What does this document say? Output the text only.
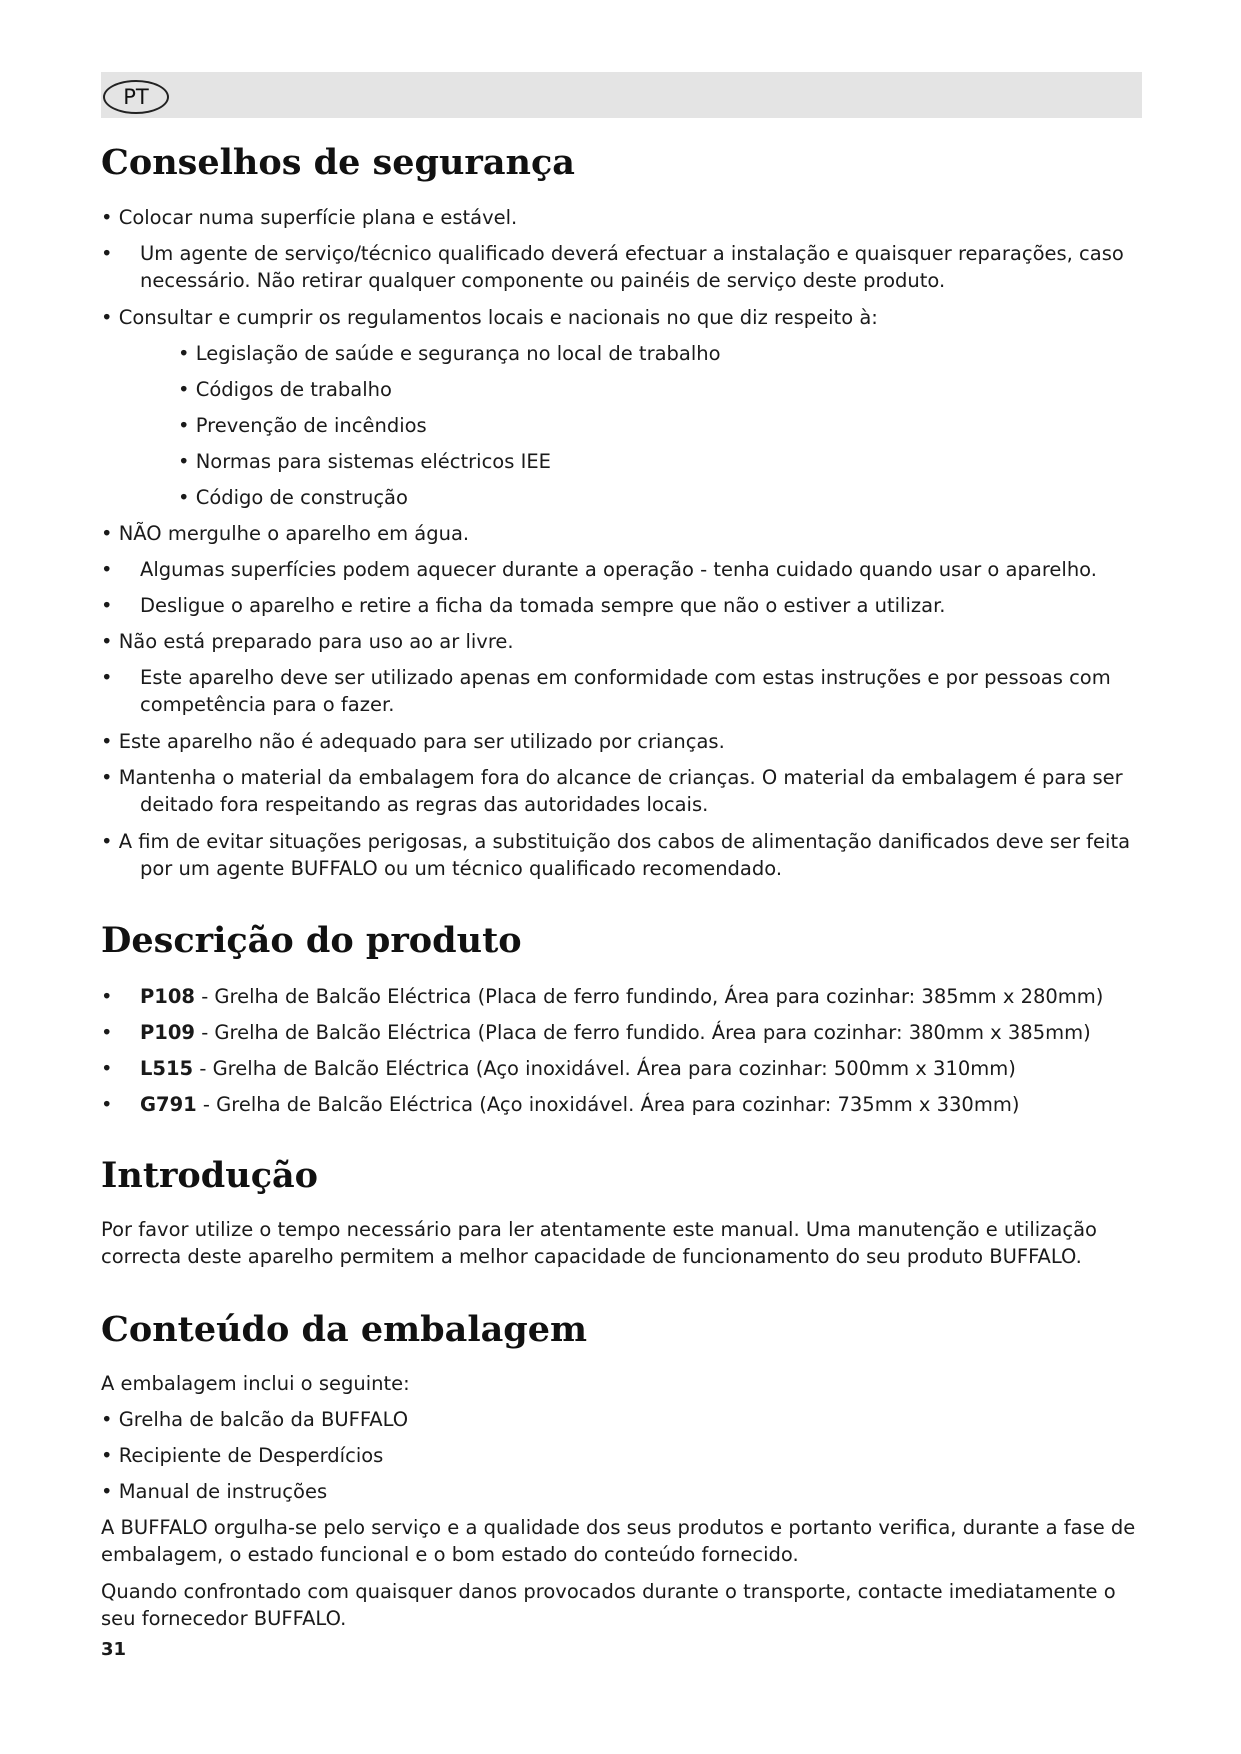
PT
Conselhos de segurança

• Colocar numa superfície plana e estável.

• Um agente de serviço/técnico qualificado deverá efectuar a instalação e quaisquer reparações, caso

necessário. Não retirar qualquer componente ou painéis de serviço deste produto.

• Consultar e cumprir os regulamentos locais e nacionais no que diz respeito à:

• Legislação de saúde e segurança no local de trabalho

• Códigos de trabalho

• Prevenção de incêndios

• Normas para sistemas eléctricos IEE

• Código de construção

• NÃO mergulhe o aparelho em água.

• Algumas superfícies podem aquecer durante a operação - tenha cuidado quando usar o aparelho.

• Desligue o aparelho e retire a ficha da tomada sempre que não o estiver a utilizar.

• Não está preparado para uso ao ar livre.

• Este aparelho deve ser utilizado apenas em conformidade com estas instruções e por pessoas com

competência para o fazer.

• Este aparelho não é adequado para ser utilizado por crianças.

• Mantenha o material da embalagem fora do alcance de crianças. O material da embalagem é para ser

deitado fora respeitando as regras das autoridades locais.

• A fim de evitar situações perigosas, a substituição dos cabos de alimentação danificados deve ser feita

por um agente BUFFALO ou um técnico qualificado recomendado.

Descrição do produto
• P108 - Grelha de Balcão Eléctrica (Placa de ferro fundindo, Área para cozinhar: 385mm x 280mm)

• P109 - Grelha de Balcão Eléctrica (Placa de ferro fundido. Área para cozinhar: 380mm x 385mm)

• L515 - Grelha de Balcão Eléctrica (Aço inoxidável. Área para cozinhar: 500mm x 310mm)

• G791 - Grelha de Balcão Eléctrica (Aço inoxidável. Área para cozinhar: 735mm x 330mm)

Introdução

Por favor utilize o tempo necessário para ler atentamente este manual. Uma manutenção e utilização

correcta deste aparelho permitem a melhor capacidade de funcionamento do seu produto BUFFALO.

Conteúdo da embalagem

A embalagem inclui o seguinte:

• Grelha de balcão da BUFFALO

• Recipiente de Desperdícios

• Manual de instruções

A BUFFALO orgulha-se pelo serviço e a qualidade dos seus produtos e portanto verifica, durante a fase de

embalagem, o estado funcional e o bom estado do conteúdo fornecido.

Quando confrontado com quaisquer danos provocados durante o transporte, contacte imediatamente o

seu fornecedor BUFFALO.

31
